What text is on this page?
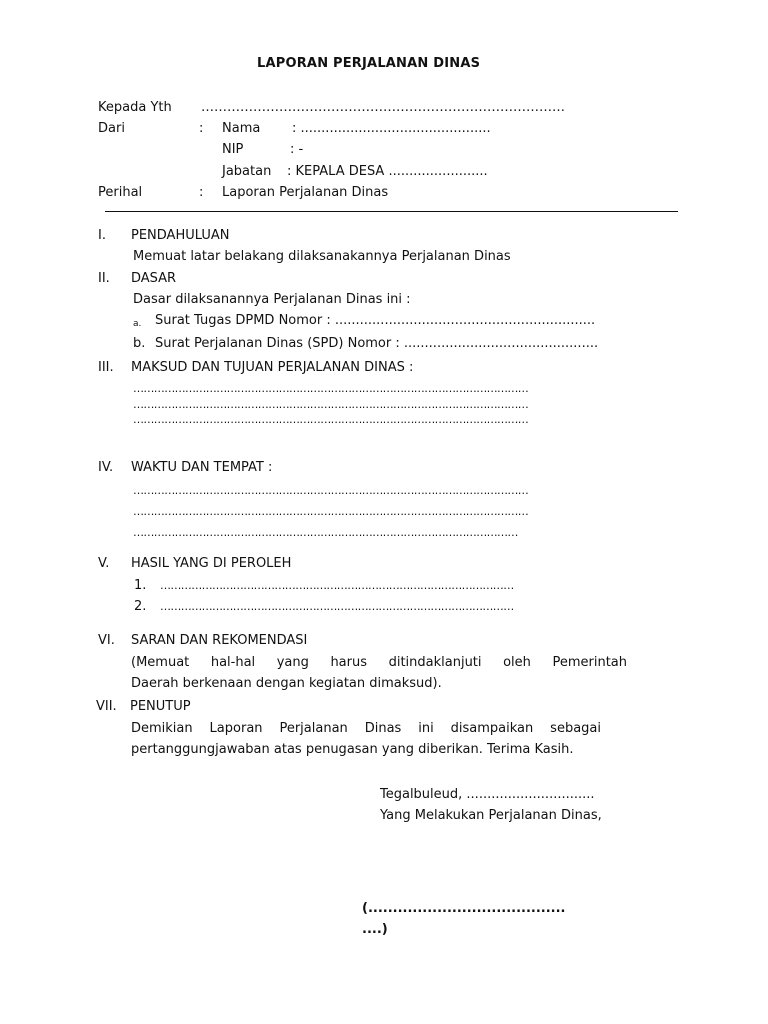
LAPORAN PERJALANAN DINAS
Kepada Yth …………………………………………………………………………
Dari	: Nama : ..............................................
NIP	: -
Jabatan : KEPALA DESA ........................
Perihal	: Laporan Perjalanan Dinas
I. PENDAHULUAN
Memuat latar belakang dilaksanakannya Perjalanan Dinas
II. DASAR
Dasar dilaksanannya Perjalanan Dinas ini :
a. Surat Tugas DPMD Nomor : ...............................................................
b. Surat Perjalanan Dinas (SPD) Nomor : ...............................................
III. MAKSUD DAN TUJUAN PERJALANAN DINAS :
……………………………………………………………………………………………………
……………………………………………………………………………………………………
……………………………………………………………………………………………………
IV. WAKTU DAN TEMPAT :
……………………………………………………………………………………………………
……………………………………………………………………………………………………
…………………………………………………………………………………………………
V. HASIL YANG DI PEROLEH
1. …………………………………………………………………………………………
2. …………………………………………………………………………………………
VI. SARAN DAN REKOMENDASI
(Memuat hal-hal yang harus ditindaklanjuti oleh Pemerintah
Daerah berkenaan dengan kegiatan dimaksud).
VII. PENUTUP
Demikian Laporan Perjalanan Dinas ini disampaikan sebagai
pertanggungjawaban atas penugasan yang diberikan. Terima Kasih.
Tegalbuleud, ...............................
Yang Melakukan Perjalanan Dinas,
(........................................
....)
